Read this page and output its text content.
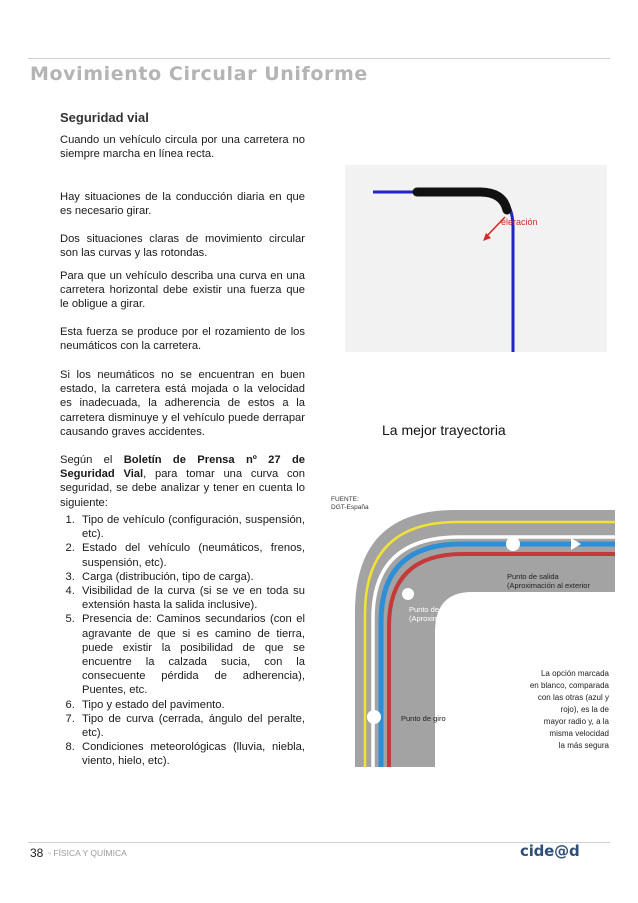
Movimiento Circular Uniforme
Seguridad vial

Cuando un vehículo circula por una carretera no siempre marcha en línea recta.

Hay situaciones de la conducción diaria en que es necesario girar.

Dos situaciones claras de movimiento circular son las curvas y las rotondas.

Para que un vehículo describa una curva en una carretera horizontal debe existir una fuerza que le obligue a girar.

Esta fuerza se produce por el rozamiento de los neumáticos con la carretera.

Si los neumáticos no se encuentran en buen estado, la carretera está mojada o la velocidad es inadecuada, la adherencia de estos a la carretera disminuye y el vehículo puede derrapar causando graves accidentes.

Según el Boletín de Prensa nº 27 de Seguridad Vial, para tomar una curva con seguridad, se debe analizar y tener en cuenta lo siguiente:

1. Tipo de vehículo (configuración, suspensión, etc).
2. Estado del vehículo (neumáticos, frenos, suspensión, etc).
3. Carga (distribución, tipo de carga).
4. Visibilidad de la curva (si se ve en toda su extensión hasta la salida inclusive).
5. Presencia de: Caminos secundarios (con el agravante de que si es camino de tierra, puede existir la posibilidad de que se encuentre la calzada sucia, con la consecuente pérdida de adherencia), Puentes, etc.
6. Tipo y estado del pavimento.
7. Tipo de curva (cerrada, ángulo del peralte, etc).
8. Condiciones meteorológicas (lluvia, niebla, viento, hielo, etc).
eleración
La mejor trayectoria
FUENTE:
DGT-España
Punto de salida
(Aproximación al exterior
Punto de contacto
(Aproximación al interior de la curva)
Punto de giro
La opción marcada
en blanco, comparada
con las otras (azul y
rojo), es la de
mayor radio y, a la
misma velocidad
la más segura
38 ▫ FÍSICA Y QUÍMICA	cide@d
